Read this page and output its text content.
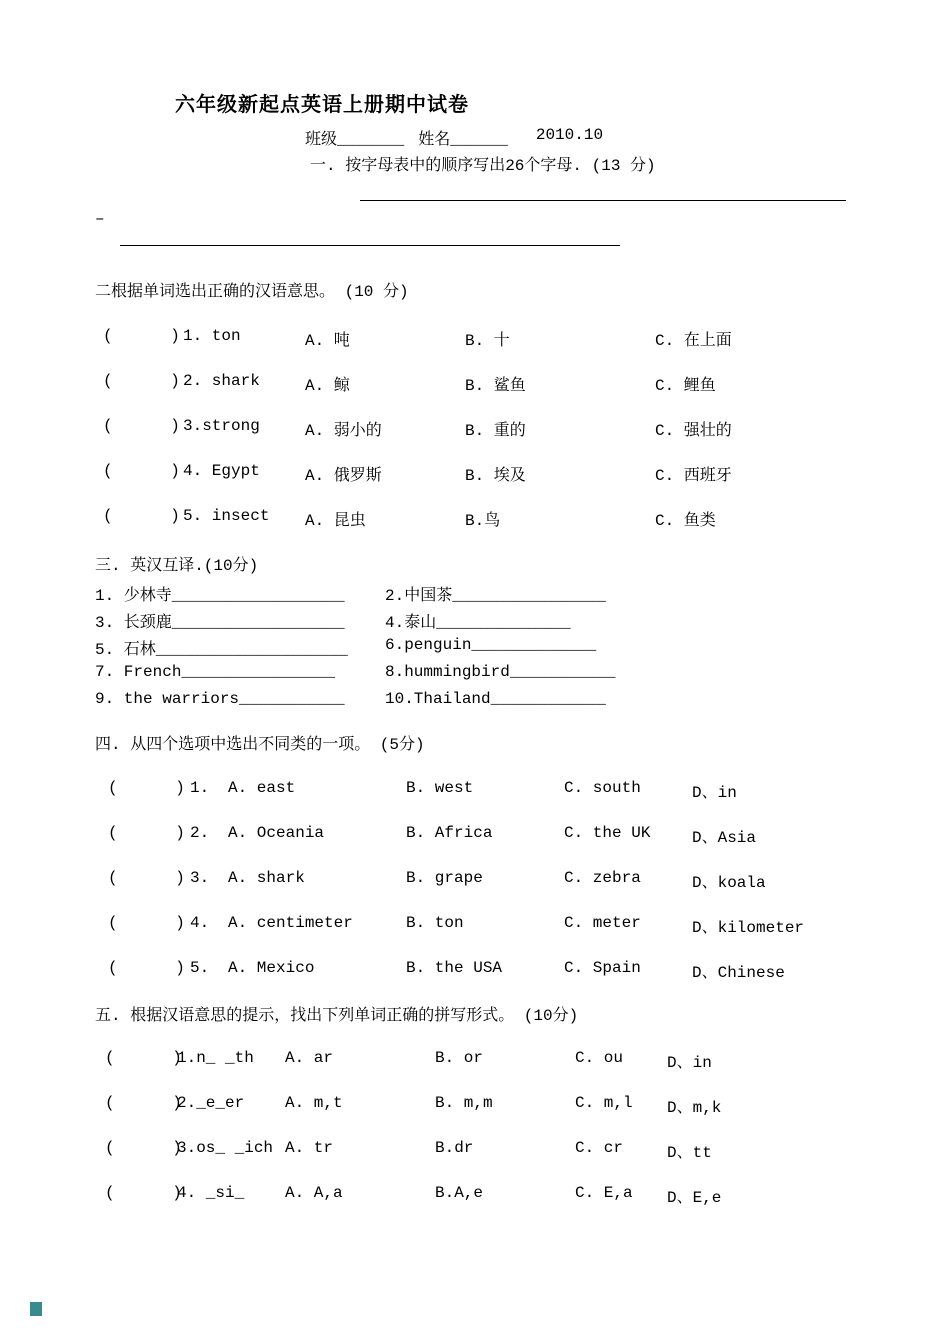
六年级新起点英语上册期中试卷
班级_______ 姓名______ 2010.10
一. 按字母表中的顺序写出26个字母. (13 分)
–
二根据单词选出正确的汉语意思。 (10 分)
(      ) 1. ton	A. 吨	B. 十	C. 在上面
(      ) 2. shark	A. 鲸	B. 鲨鱼	C. 鲤鱼
(      ) 3.strong	A. 弱小的	B. 重的	C. 强壮的
(      ) 4. Egypt	A. 俄罗斯	B. 埃及	C. 西班牙
(      ) 5. insect	A. 昆虫	B.鸟	C. 鱼类
三. 英汉互译.(10分)
1. 少林寺__________________	2.中国茶________________
3. 长颈鹿__________________	4.泰山______________
5. 石林____________________	6.penguin_____________
7. French________________	8.hummingbird___________
9. the warriors___________	10.Thailand____________
四. 从四个选项中选出不同类的一项。 (5分)
(      ) 1.	A. east	B. west	C. south	D、in
(      ) 2.	A. Oceania	B. Africa	C. the UK	D、Asia
(      ) 3.	A. shark	B. grape	C. zebra	D、koala
(      ) 4.	A. centimeter	B. ton	C. meter	D、kilometer
(      ) 5.	A. Mexico	B. the USA	C. Spain	D、Chinese
五. 根据汉语意思的提示，找出下列单词正确的拼写形式。 (10分)
(      )
1.n_ _th	A. ar	B. or	C. ou	D、in
(      )
2._e_er	A. m,t	B. m,m	C. m,l	D、m,k
(      )
3.os_ _ich A. tr	B.dr	C. cr	D、tt
(      )
4. _si_	A. A,a	B.A,e	C. E,a	D、E,e
